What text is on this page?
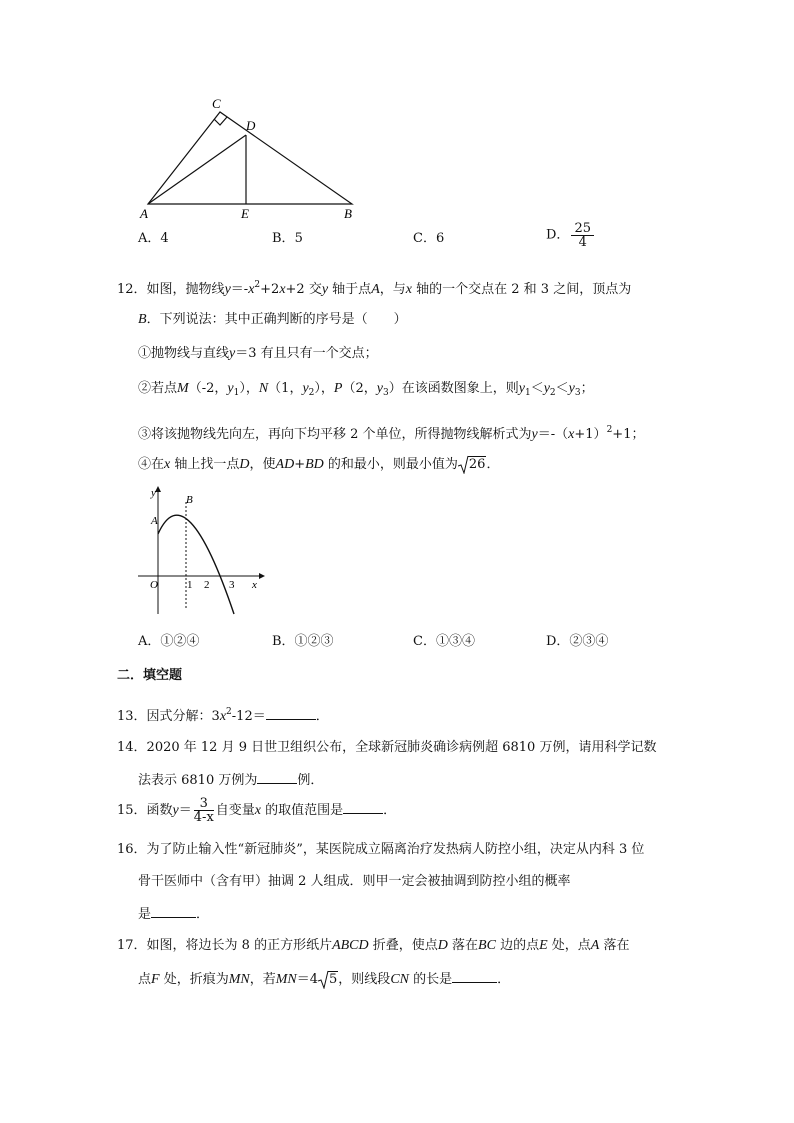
C
D
A	E	B
A．4	B．5	C．6	D． $\frac{25}{4}$
12．如图，抛物线$y=-x^2+2x+2$ 交y 轴于点A，与x 轴的一个交点在 2 和 3 之间，顶点为
B．下列说法：其中正确判断的序号是（　　）
①抛物线与直线y＝3 有且只有一个交点；
②若点M（-2，$y_1$），N（1，$y_2$），P（2，$y_3$）在该函数图象上，则$y_1<y_2<y_3$；
③将该抛物线先向左，再向下均平移 2 个单位，所得抛物线解析式为$y=-(x+1)^2+1$；
④在x 轴上找一点D，使AD+BD 的和最小，则最小值为 26．
y
B
A
O	1 2 3 x
A．①②④	B．①②③	C．①③④	D．②③④
二．填空题
13．因式分解：$3x^2-12=$	．
14．2020 年 12 月 9 日世卫组织公布，全球新冠肺炎确诊病例超 6810 万例，请用科学记数
法表示 6810 万例为	例．
15．函数$y= \frac{3}{4-x}$ 自变量x 的取值范围是	．
16．为了防止输入性“新冠肺炎”，某医院成立隔离治疗发热病人防控小组，决定从内科 3 位
骨干医师中（含有甲）抽调 2 人组成．则甲一定会被抽调到防控小组的概率
是	．
17．如图，将边长为 8 的正方形纸片ABCD 折叠，使点D 落在BC 边的点E 处，点A 落在
点F 处，折痕为MN，若MN＝4 5，则线段CN 的长是	．
